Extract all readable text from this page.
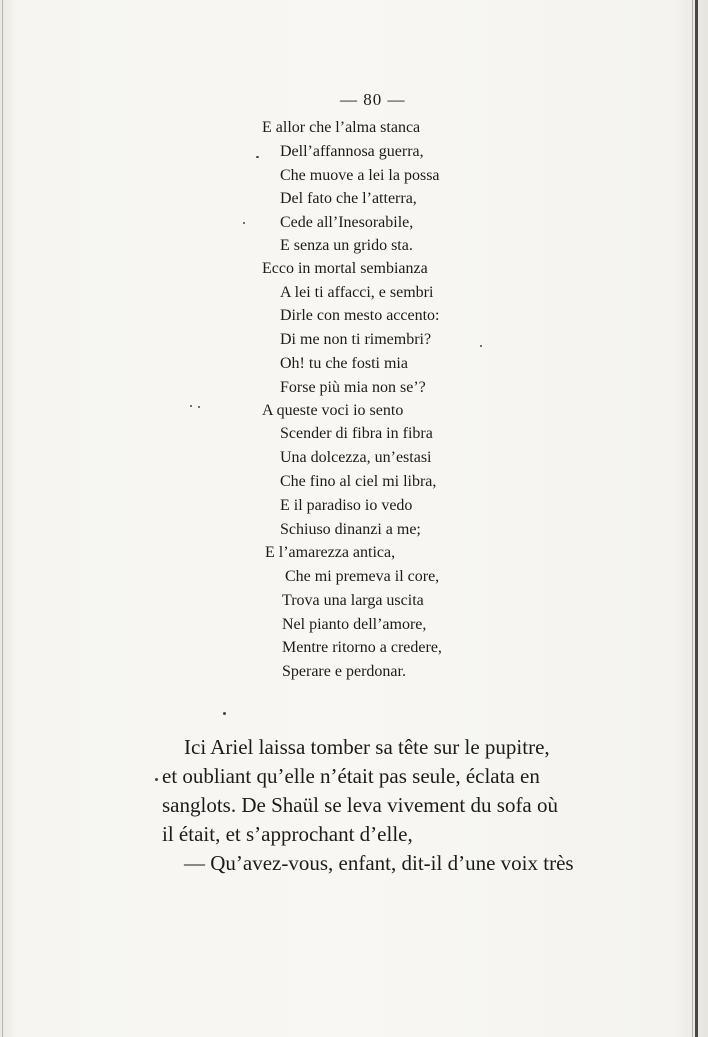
— 80 —
E allor che l’alma stanca
Dell’affannosa guerra,
Che muove a lei la possa
Del fato che l’atterra,
Cede all’Inesorabile,
E senza un grido sta.
Ecco in mortal sembianza
A lei ti affacci, e sembri
Dirle con mesto accento:
Di me non ti rimembri?
Oh! tu che fosti mia
Forse più mia non se’?
A queste voci io sento
Scender di fibra in fibra
Una dolcezza, un’estasi
Che fino al ciel mi libra,
E il paradiso io vedo
Schiuso dinanzi a me;
E l’amarezza antica,
Che mi premeva il core,
Trova una larga uscita
Nel pianto dell’amore,
Mentre ritorno a credere,
Sperare e perdonar.
Ici Ariel laissa tomber sa tête sur le pupitre,
et oubliant qu’elle n’était pas seule, éclata en
sanglots. De Shaül se leva vivement du sofa où
il était, et s’approchant d’elle,
— Qu’avez-vous, enfant, dit-il d’une voix très
